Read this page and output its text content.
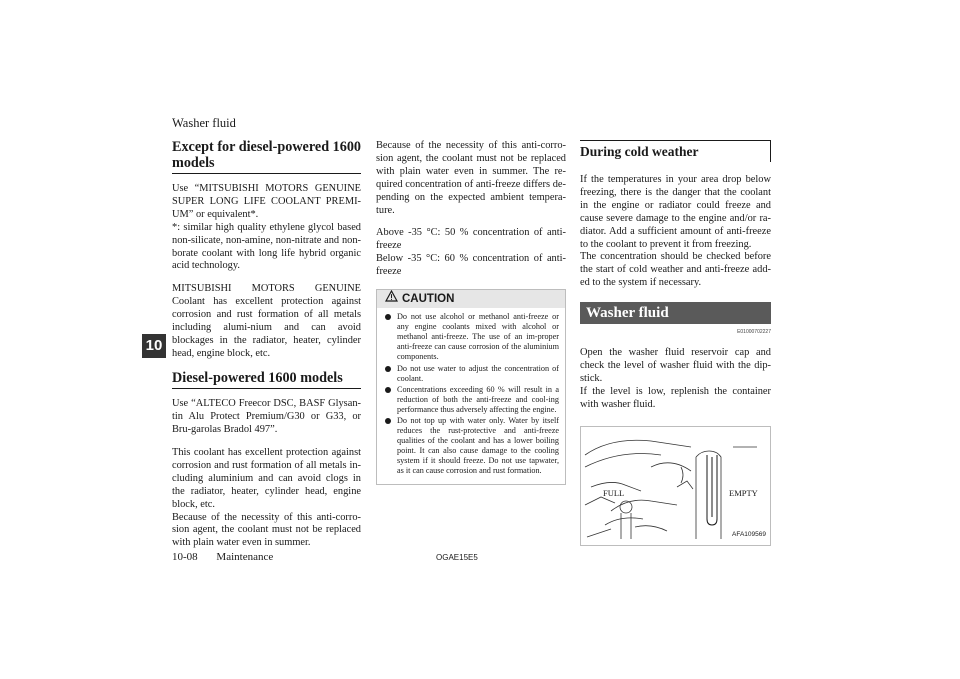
Washer fluid
10
Except for diesel-powered 1600 models

Use “MITSUBISHI MOTORS GENUINE SUPER LONG LIFE COOLANT PREMI-UM” or equivalent*.

*: similar high quality ethylene glycol based non-silicate, non-amine, non-nitrate and non-borate coolant with long life hybrid organic acid technology.

MITSUBISHI MOTORS GENUINE Coolant has excellent protection against corrosion and rust formation of all metals including alumi-nium and can avoid blockages in the radiator, heater, cylinder head, engine block, etc.

Diesel-powered 1600 models

Use “ALTECO Freecor DSC, BASF Glysan-tin Alu Protect Premium/G30 or G33, or Bru-garolas Bradol 497”.

This coolant has excellent protection against corrosion and rust formation of all metals in-cluding aluminium and can avoid clogs in the radiator, heater, cylinder head, engine block, etc.

Because of the necessity of this anti-corro-sion agent, the coolant must not be replaced with plain water even in summer.

Because of the necessity of this anti-corro-sion agent, the coolant must not be replaced with plain water even in summer. The re-quired concentration of anti-freeze differs de-pending on the expected ambient tempera-ture.

Above -35 °C: 50 % concentration of anti-freeze

Below -35 °C: 60 % concentration of anti-freeze

CAUTION
Do not use alcohol or methanol anti-freeze or any engine coolants mixed with alcohol or methanol anti-freeze. The use of an im-proper anti-freeze can cause corrosion of the aluminium components.
Do not use water to adjust the concentration of coolant.
Concentrations exceeding 60 % will result in a reduction of both the anti-freeze and cool-ing performance thus adversely affecting the engine.
Do not top up with water only. Water by itself reduces the rust-protective and anti-freeze qualities of the coolant and has a lower boiling point. It can also cause damage to the cooling system if it should freeze. Do not use tapwater, as it can cause corrosion and rust formation.
During cold weather

If the temperatures in your area drop below freezing, there is the danger that the coolant in the engine or radiator could freeze and cause severe damage to the engine and/or ra-diator. Add a sufficient amount of anti-freeze to the coolant to prevent it from freezing.

The concentration should be checked before the start of cold weather and anti-freeze add-ed to the system if necessary.

Washer fluid
E01000702227

Open the washer fluid reservoir cap and check the level of washer fluid with the dip-stick.

If the level is low, replenish the container with washer fluid.

FULL	EMPTY
AFA109569
10-08 Maintenance	OGAE15E5
